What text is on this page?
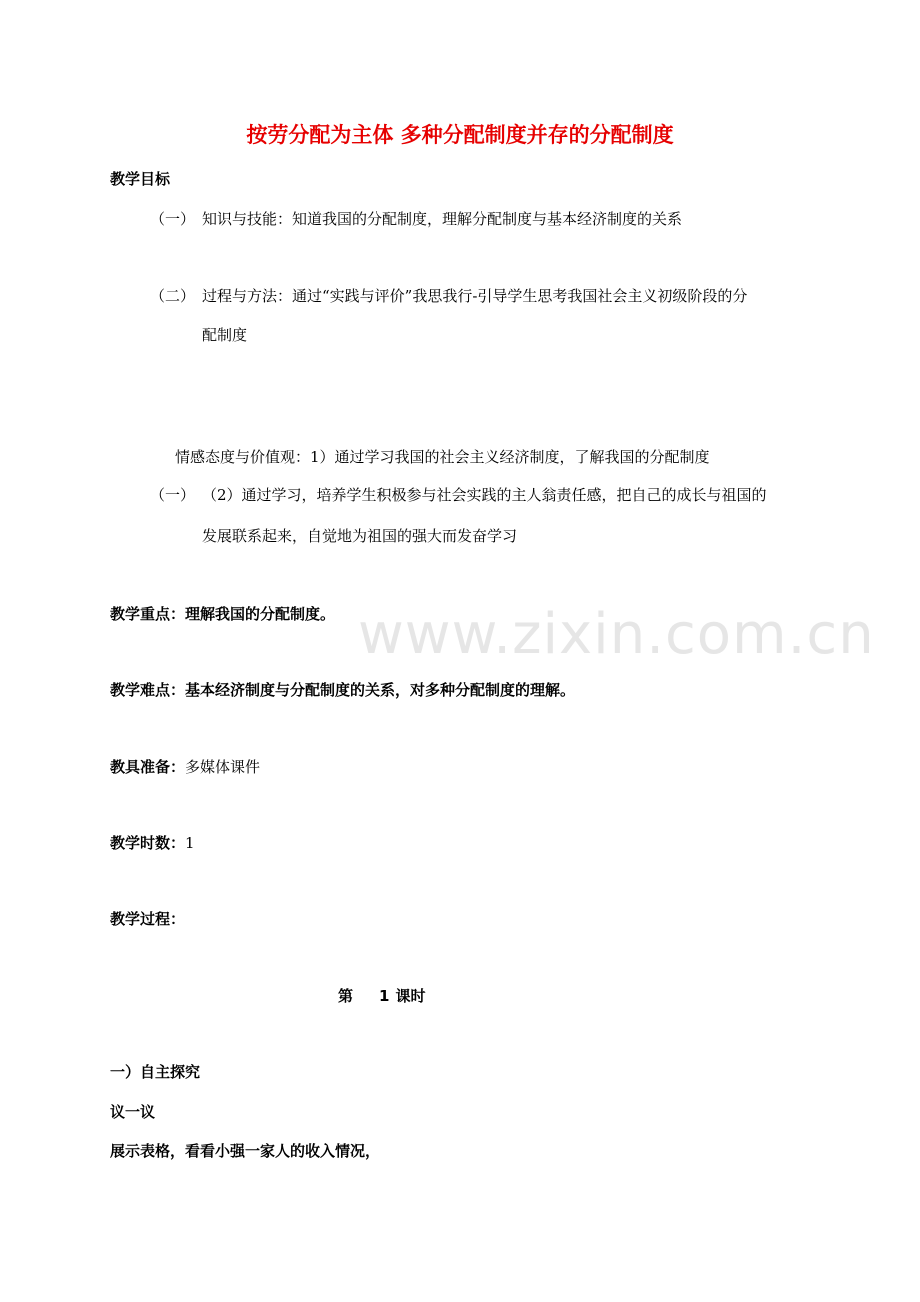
按劳分配为主体 多种分配制度并存的分配制度
教学目标
（一） 知识与技能：知道我国的分配制度，理解分配制度与基本经济制度的关系
（二） 过程与方法：通过“实践与评价”我思我行-引导学生思考我国社会主义初级阶段的分
配制度
情感态度与价值观：1）通过学习我国的社会主义经济制度，了解我国的分配制度
（一） （2）通过学习，培养学生积极参与社会实践的主人翁责任感，把自己的成长与祖国的
发展联系起来，自觉地为祖国的强大而发奋学习
www.zixin.com.cn
教学重点：理解我国的分配制度。
教学难点：基本经济制度与分配制度的关系，对多种分配制度的理解。
教具准备：多媒体课件
教学时数：1
教学过程：
第 1 课时
一）自主探究
议一议
展示表格，看看小强一家人的收入情况，
